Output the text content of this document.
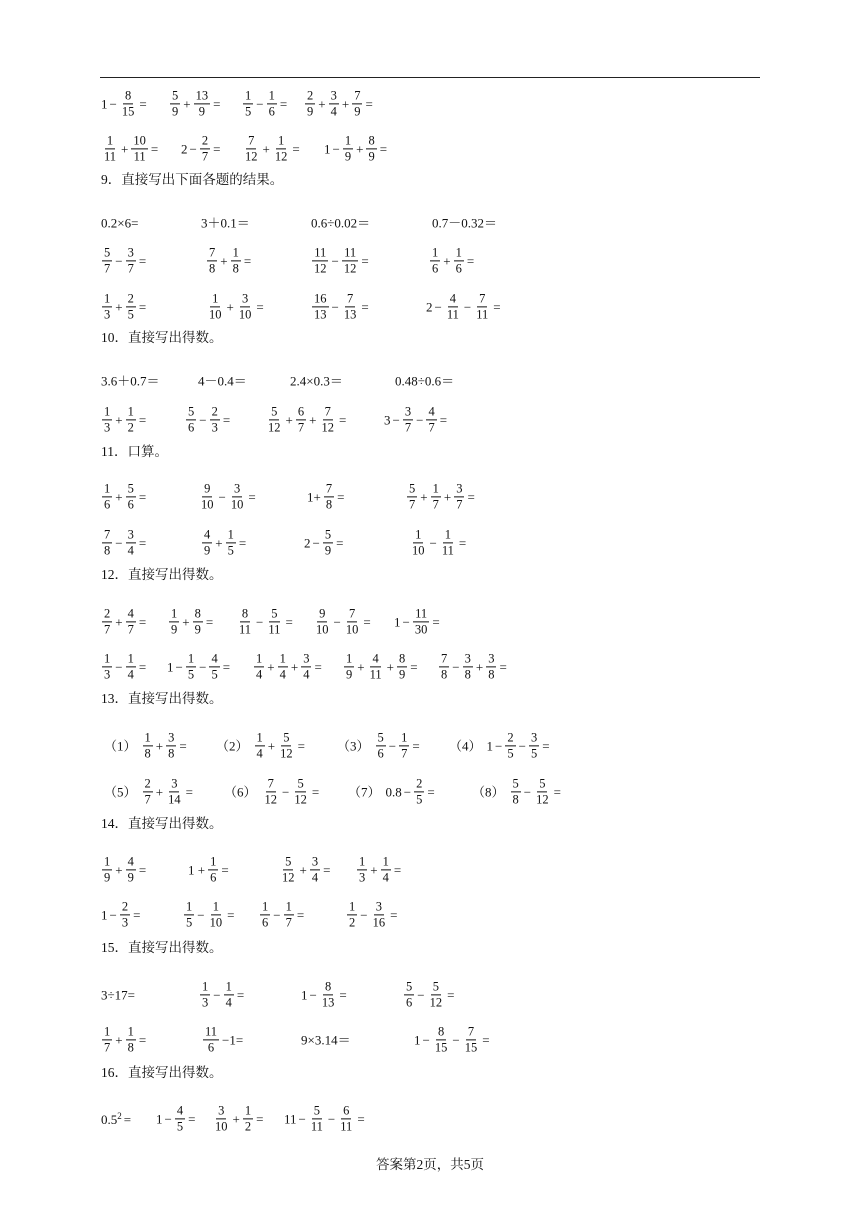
$1 - \frac{8}{15} = \frac{5}{9} + \frac{13}{9} = \frac{1}{5} - \frac{1}{6} = \frac{2}{9} + \frac{3}{4} + \frac{7}{9}$ =
$\frac{1}{11} + \frac{10}{11} = 2 - \frac{2}{7} = \frac{7}{12} + \frac{1}{12} = 1 - \frac{1}{9} + \frac{8}{9}$ =
9．直接写出下面各题的结果。
0.2×6=	3＋0.1＝	0.6÷0.02＝	0.7－0.32＝
$\frac{5}{7} - \frac{3}{7}$ =	$\frac{7}{8} + \frac{1}{8}$ =	$\frac{11}{12} - \frac{11}{12}$ =	$\frac{1}{6} + \frac{1}{6}$ =
$\frac{1}{3} + \frac{2}{5}$ =	$\frac{1}{10} + \frac{3}{10}$ =	$\frac{16}{13} - \frac{7}{13}$ =	$2 - \frac{4}{11} - \frac{7}{11}$ =
10．直接写出得数。
3.6＋0.7＝	4－0.4＝	2.4×0.3＝	0.48÷0.6＝
$\frac{1}{3} + \frac{1}{2}$ =	$\frac{5}{6} - \frac{2}{3}$ =	$\frac{5}{12} + \frac{6}{7} + \frac{7}{12}$ =	$3 - \frac{3}{7} - \frac{4}{7}$ =
11．口算。
$\frac{1}{6} + \frac{5}{6}$ =	$\frac{9}{10} - \frac{3}{10}$ =	$1+ \frac{7}{8}$ =	$\frac{5}{7} + \frac{1}{7} + \frac{3}{7}$ =
$\frac{7}{8} - \frac{3}{4}$ =	$\frac{4}{9} + \frac{1}{5}$ =	$2 - \frac{5}{9}$ =	$\frac{1}{10} - \frac{1}{11}$ =
12．直接写出得数。
$\frac{2}{7} + \frac{4}{7} = \frac{1}{9} + \frac{8}{9} = \frac{8}{11} - \frac{5}{11} = \frac{9}{10} - \frac{7}{10} = 1 - \frac{11}{30}$ =
$\frac{1}{3} - \frac{1}{4} = 1 - \frac{1}{5} - \frac{4}{5} = \frac{1}{4} + \frac{1}{4} + \frac{3}{4} = \frac{1}{9} + \frac{4}{11} + \frac{8}{9} = \frac{7}{8} - \frac{3}{8} + \frac{3}{8}$ =
13．直接写出得数。
$(1) \frac{1}{8} + \frac{3}{8} = (2) \frac{1}{4} + \frac{5}{12} = (3) \frac{5}{6} - \frac{1}{7} = (4) 1 - \frac{2}{5} - \frac{3}{5}$ =
$(5) \frac{2}{7} + \frac{3}{14} = (6) \frac{7}{12} - \frac{5}{12} = (7) 0.8 - \frac{2}{5}$ =	$(8) \frac{5}{8} - \frac{5}{12}$ =
14．直接写出得数。
$\frac{1}{9} + \frac{4}{9}$ =	$1 + \frac{1}{6}$ =	$\frac{5}{12} + \frac{3}{4} = \frac{1}{3} + \frac{1}{4}$ =
$1 - \frac{2}{3}$ =	$\frac{1}{5} - \frac{1}{10} = \frac{1}{6} - \frac{1}{7}$ =	$\frac{1}{2} - \frac{3}{16}$ =
15．直接写出得数。
3÷17=	$\frac{1}{3} - \frac{1}{4}$ =	$1 - \frac{8}{13}$ =	$\frac{5}{6} - \frac{5}{12}$ =
$\frac{1}{7} + \frac{1}{8}$ =	$\frac{11}{6} -1=$	9×3.14＝	$1 - \frac{8}{15} - \frac{7}{15}$ =
16．直接写出得数。
$0.5^2 = 1 - \frac{4}{5} = \frac{3}{10} + \frac{1}{2} = 11 - \frac{5}{11} - \frac{6}{11}$ =
答案第2页，共5页
